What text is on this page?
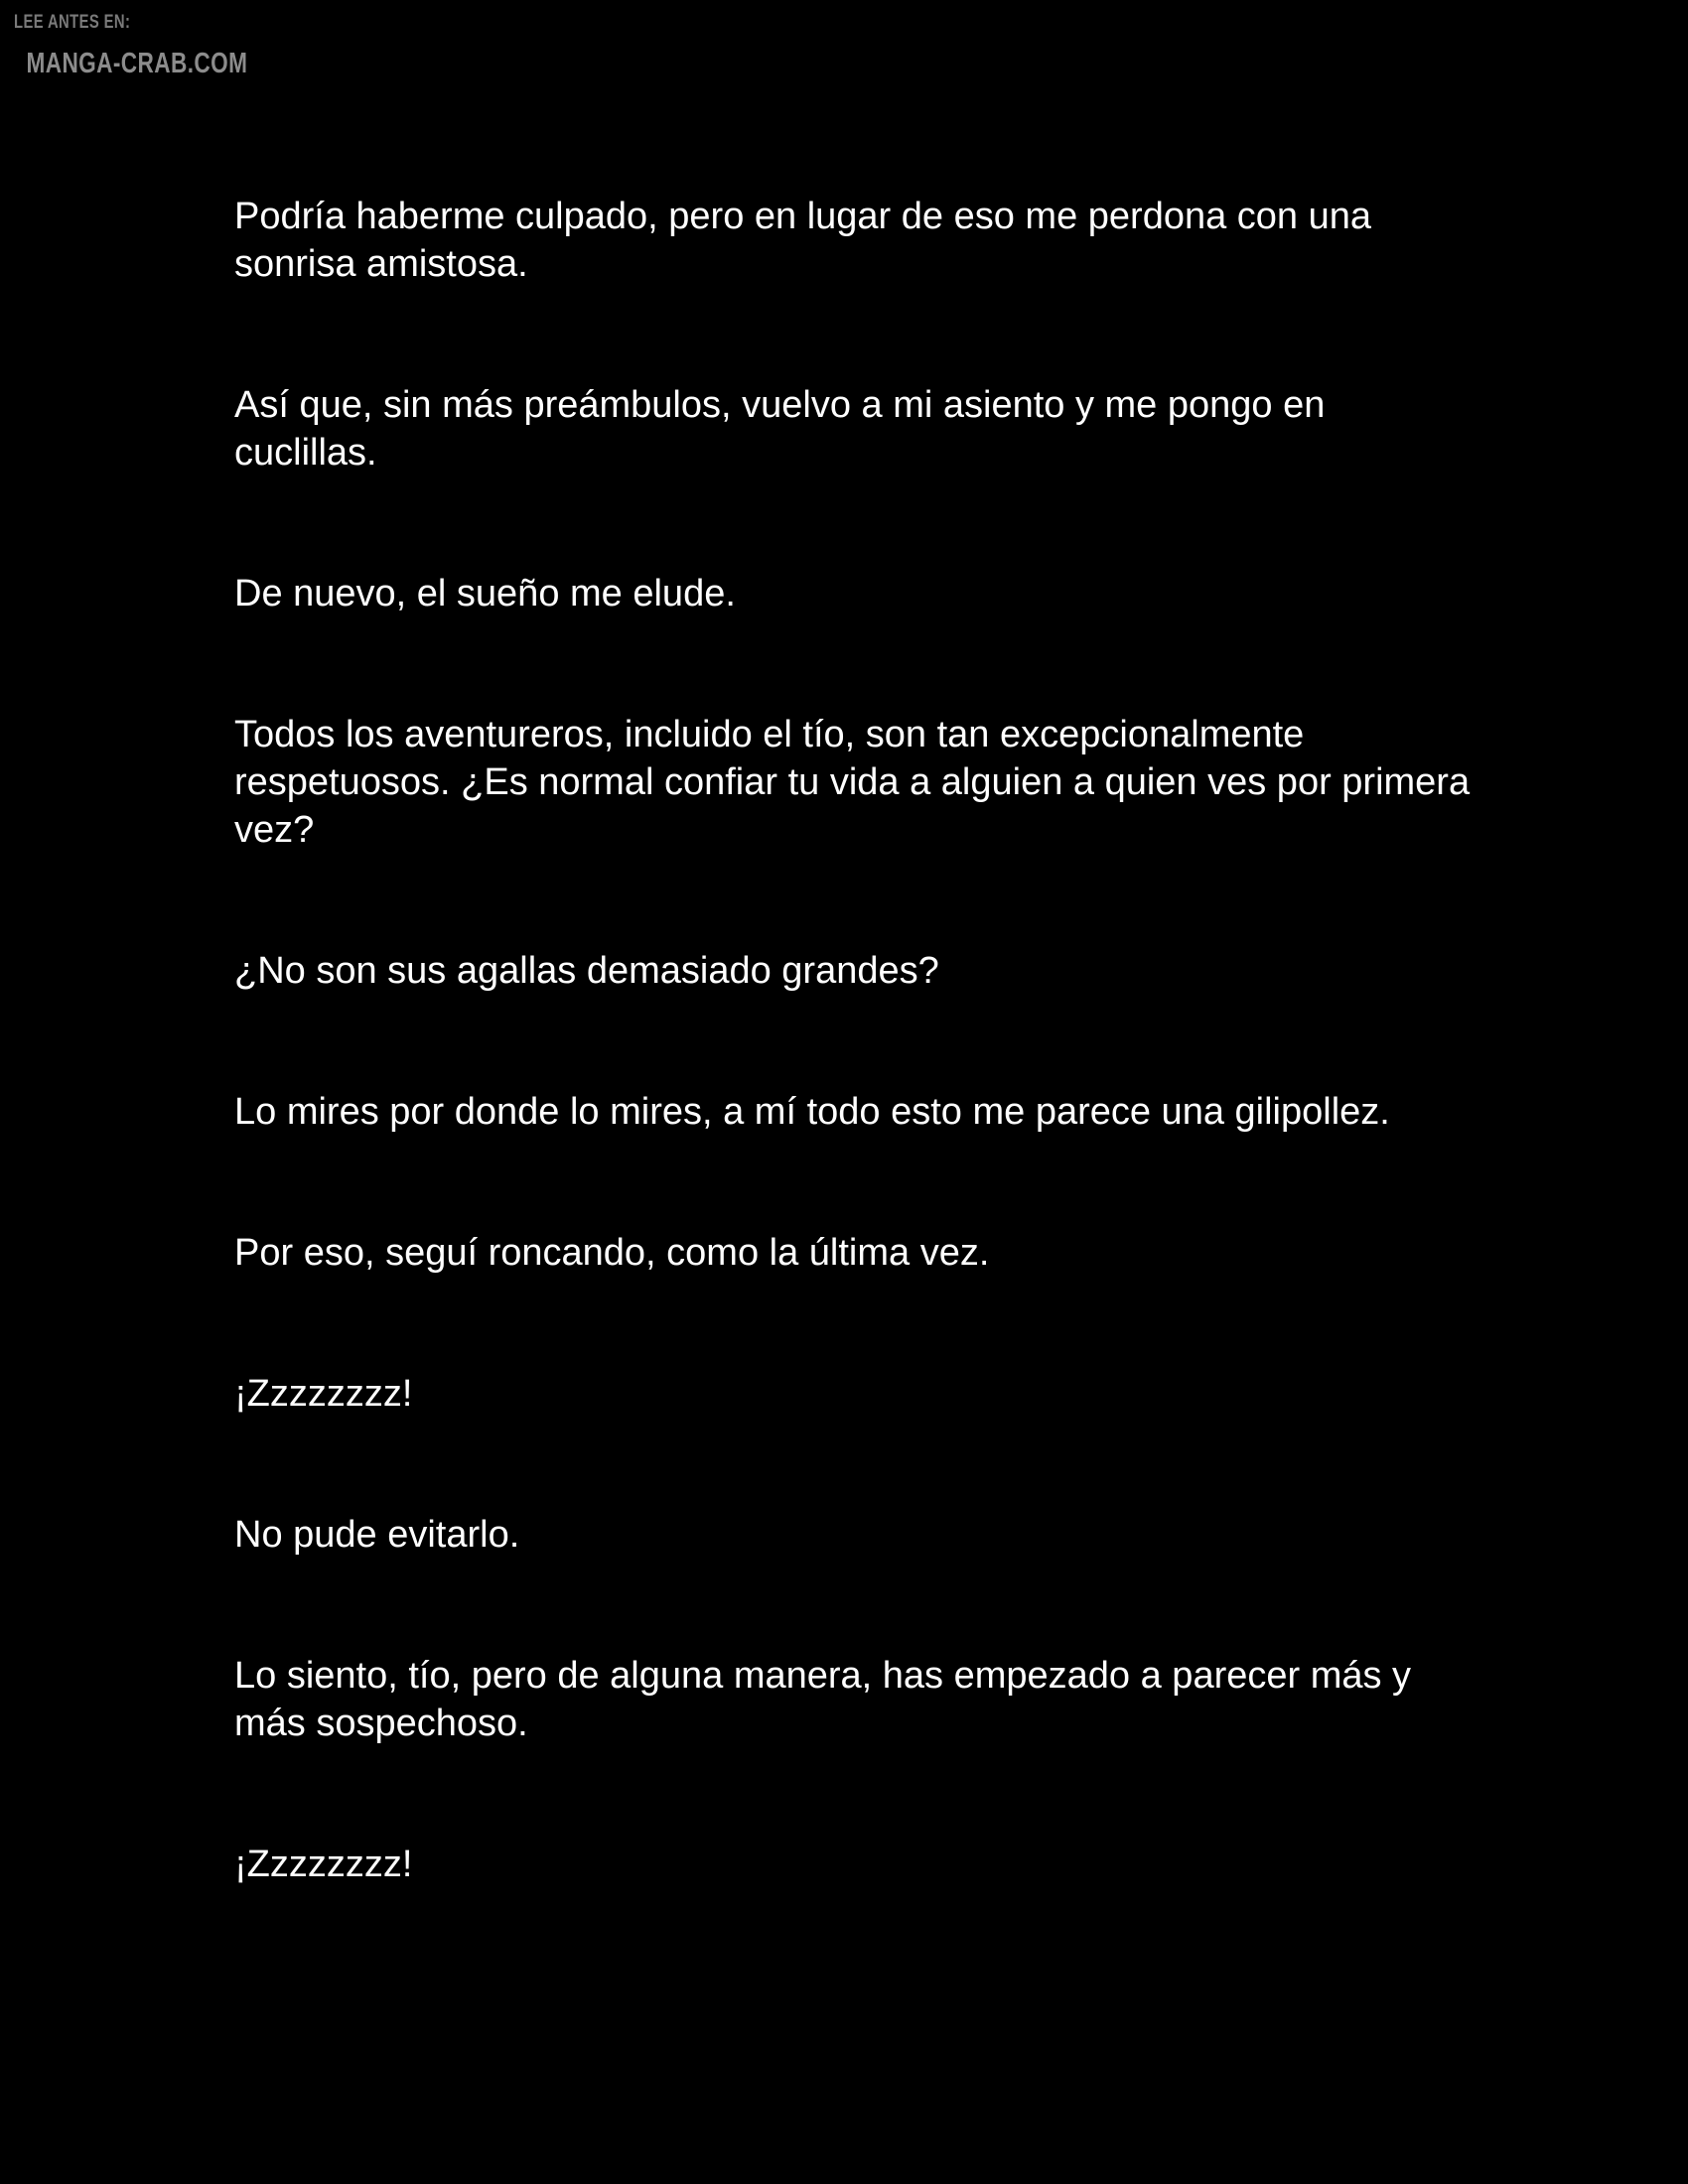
LEE ANTES EN:
MANGA-CRAB.COM

Podría haberme culpado, pero en lugar de eso me perdona con una sonrisa amistosa.

Así que, sin más preámbulos, vuelvo a mi asiento y me pongo en cuclillas.

De nuevo, el sueño me elude.

Todos los aventureros, incluido el tío, son tan excepcionalmente respetuosos. ¿Es normal confiar tu vida a alguien a quien ves por primera vez?

¿No son sus agallas demasiado grandes?

Lo mires por donde lo mires, a mí todo esto me parece una gilipollez.

Por eso, seguí roncando, como la última vez.

¡Zzzzzzzz!

No pude evitarlo.

Lo siento, tío, pero de alguna manera, has empezado a parecer más y más sospechoso.

¡Zzzzzzzz!
